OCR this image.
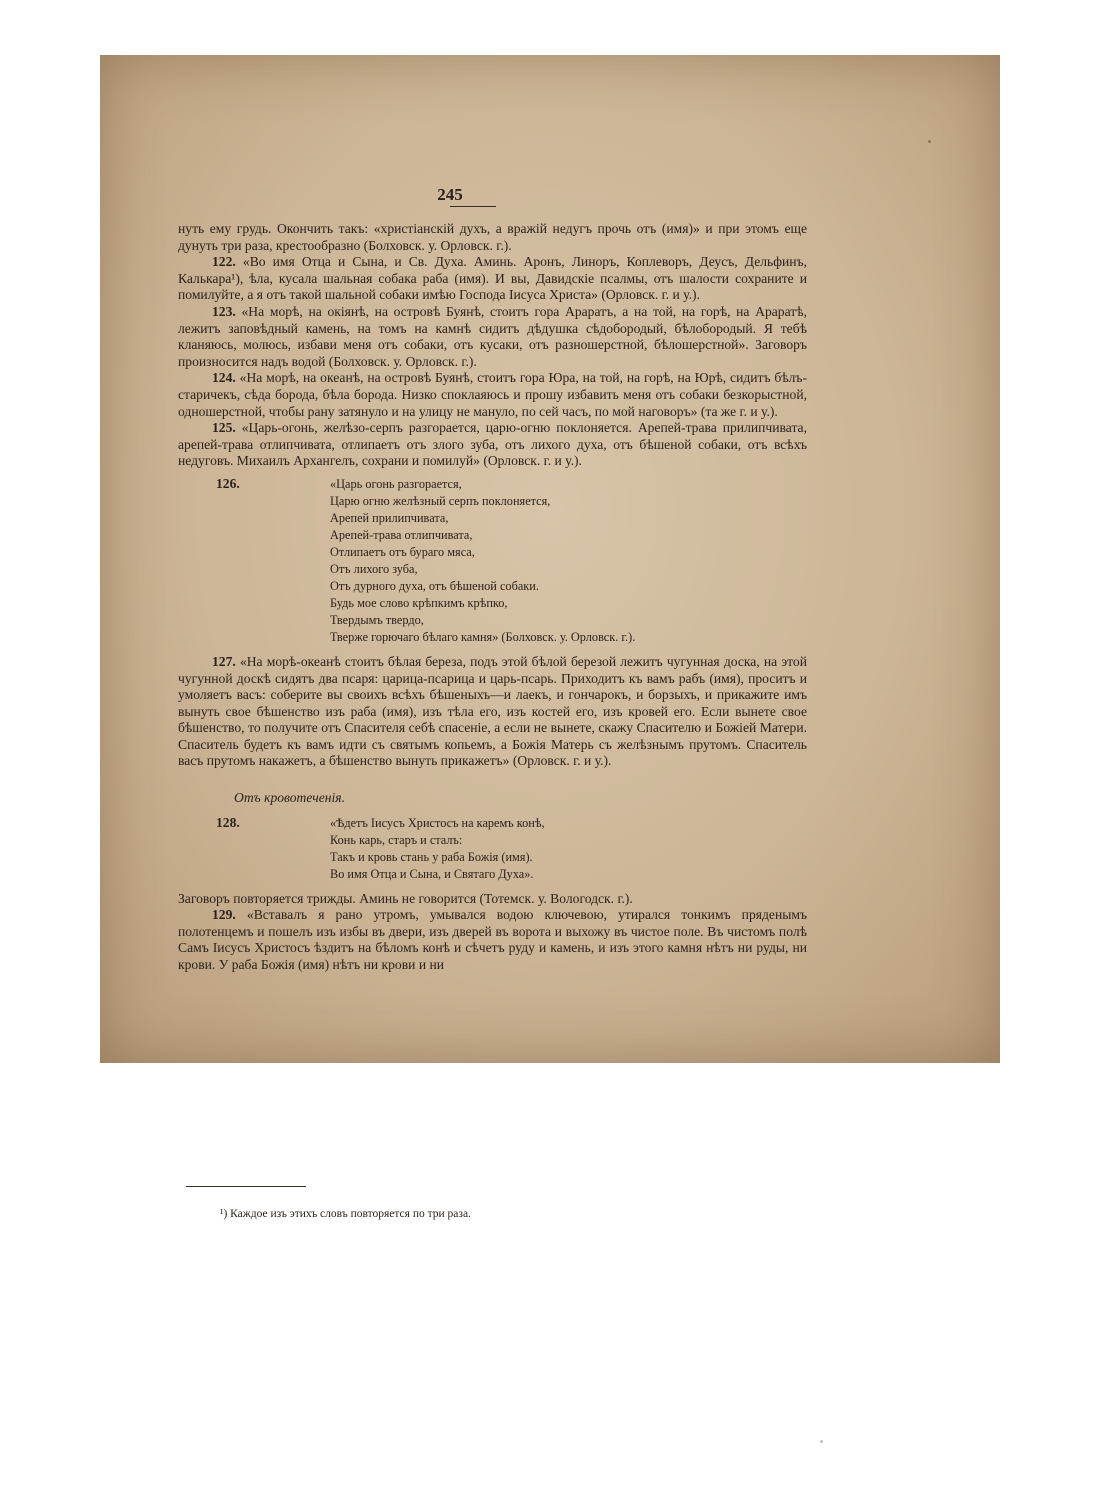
245

нуть ему грудь. Окончить такъ: «христіанскій духъ, а вражій недугъ прочь отъ (имя)» и при этомъ еще дунуть три раза, крестообразно (Болховск. у. Орловск. г.).

122. «Во имя Отца и Сына, и Св. Духа. Аминь. Аронъ, Линоръ, Коплеворъ, Деусъ, Дельфинъ, Калькара¹), ѣла, кусала шальная собака раба (имя). И вы, Давидскіе псалмы, отъ шалости сохраните и помилуйте, а я отъ такой шальной собаки имѣю Господа Іисуса Христа» (Орловск. г. и у.).

123. «На морѣ, на окіянѣ, на островѣ Буянѣ, стоитъ гора Араратъ, а на той, на горѣ, на Араратѣ, лежитъ заповѣдный камень, на томъ на камнѣ сидитъ дѣдушка сѣдобородый, бѣлобородый. Я тебѣ кланяюсь, молюсь, избави меня отъ собаки, отъ кусаки, отъ разношерстной, бѣлошерстной». Заговоръ произносится надъ водой (Болховск. у. Орловск. г.).

124. «На морѣ, на океанѣ, на островѣ Буянѣ, стоитъ гора Юра, на той, на горѣ, на Юрѣ, сидитъ бѣлъ-старичекъ, сѣда борода, бѣла борода. Низко споклаяюсь и прошу избавить меня отъ собаки безкорыстной, одношерстной, чтобы рану затянуло и на улицу не мануло, по сей часъ, по мой наговоръ» (та же г. и у.).

125. «Царь-огонь, желѣзо-серпъ разгорается, царю-огню поклоняется. Арепей-трава прилипчивата, арепей-трава отлипчивата, отлипаетъ отъ злого зуба, отъ лихого духа, отъ бѣшеной собаки, отъ всѣхъ недуговъ. Михаилъ Архангелъ, сохрани и помилуй» (Орловск. г. и у.).

126.	«Царь огонь разгорается,
Царю огню желѣзный серпъ поклоняется,
Арепей прилипчивата,
Арепей-трава отлипчивата,
Отлипаетъ отъ бураго мяса,
Отъ лихого зуба,
Отъ дурного духа, отъ бѣшеной собаки.
Будь мое слово крѣпкимъ крѣпко,
Твердымъ твердо,
Тверже горючаго бѣлаго камня» (Болховск. у. Орловск. г.).

127. «На морѣ-океанѣ стоитъ бѣлая береза, подъ этой бѣлой березой лежитъ чугунная доска, на этой чугунной доскѣ сидятъ два псаря: царица-псарица и царь-псарь. Приходитъ къ вамъ рабъ (имя), проситъ и умоляетъ васъ: соберите вы своихъ всѣхъ бѣшеныхъ—и лаекъ, и гончарокъ, и борзыхъ, и прикажите имъ вынуть свое бѣшенство изъ раба (имя), изъ тѣла его, изъ костей его, изъ кровей его. Если вынете свое бѣшенство, то получите отъ Спасителя себѣ спасеніе, а если не вынете, скажу Спасителю и Божіей Матери. Спаситель будетъ къ вамъ идти съ святымъ копьемъ, а Божія Матерь съ желѣзнымъ прутомъ. Спаситель васъ прутомъ накажетъ, а бѣшенство вынуть прикажетъ» (Орловск. г. и у.).

Отъ кровотеченія.
128.	«Ѣдетъ Іисусъ Христосъ на каремъ конѣ,
Конь карь, старъ и сталъ:
Такъ и кровь стань у раба Божія (имя).
Во имя Отца и Сына, и Святаго Духа».

Заговоръ повторяется трижды. Аминь не говорится (Тотемск. у. Вологодск. г.).

129. «Вставалъ я рано утромъ, умывался водою ключевою, утирался тонкимъ пряденымъ полотенцемъ и пошелъ изъ избы въ двери, изъ дверей въ ворота и выхожу въ чистое поле. Въ чистомъ полѣ Самъ Іисусъ Христосъ ѣздитъ на бѣломъ конѣ и сѣчетъ руду и камень, и изъ этого камня нѣтъ ни руды, ни крови. У раба Божія (имя) нѣтъ ни крови и ни

¹) Каждое изъ этихъ словъ повторяется по три раза.
